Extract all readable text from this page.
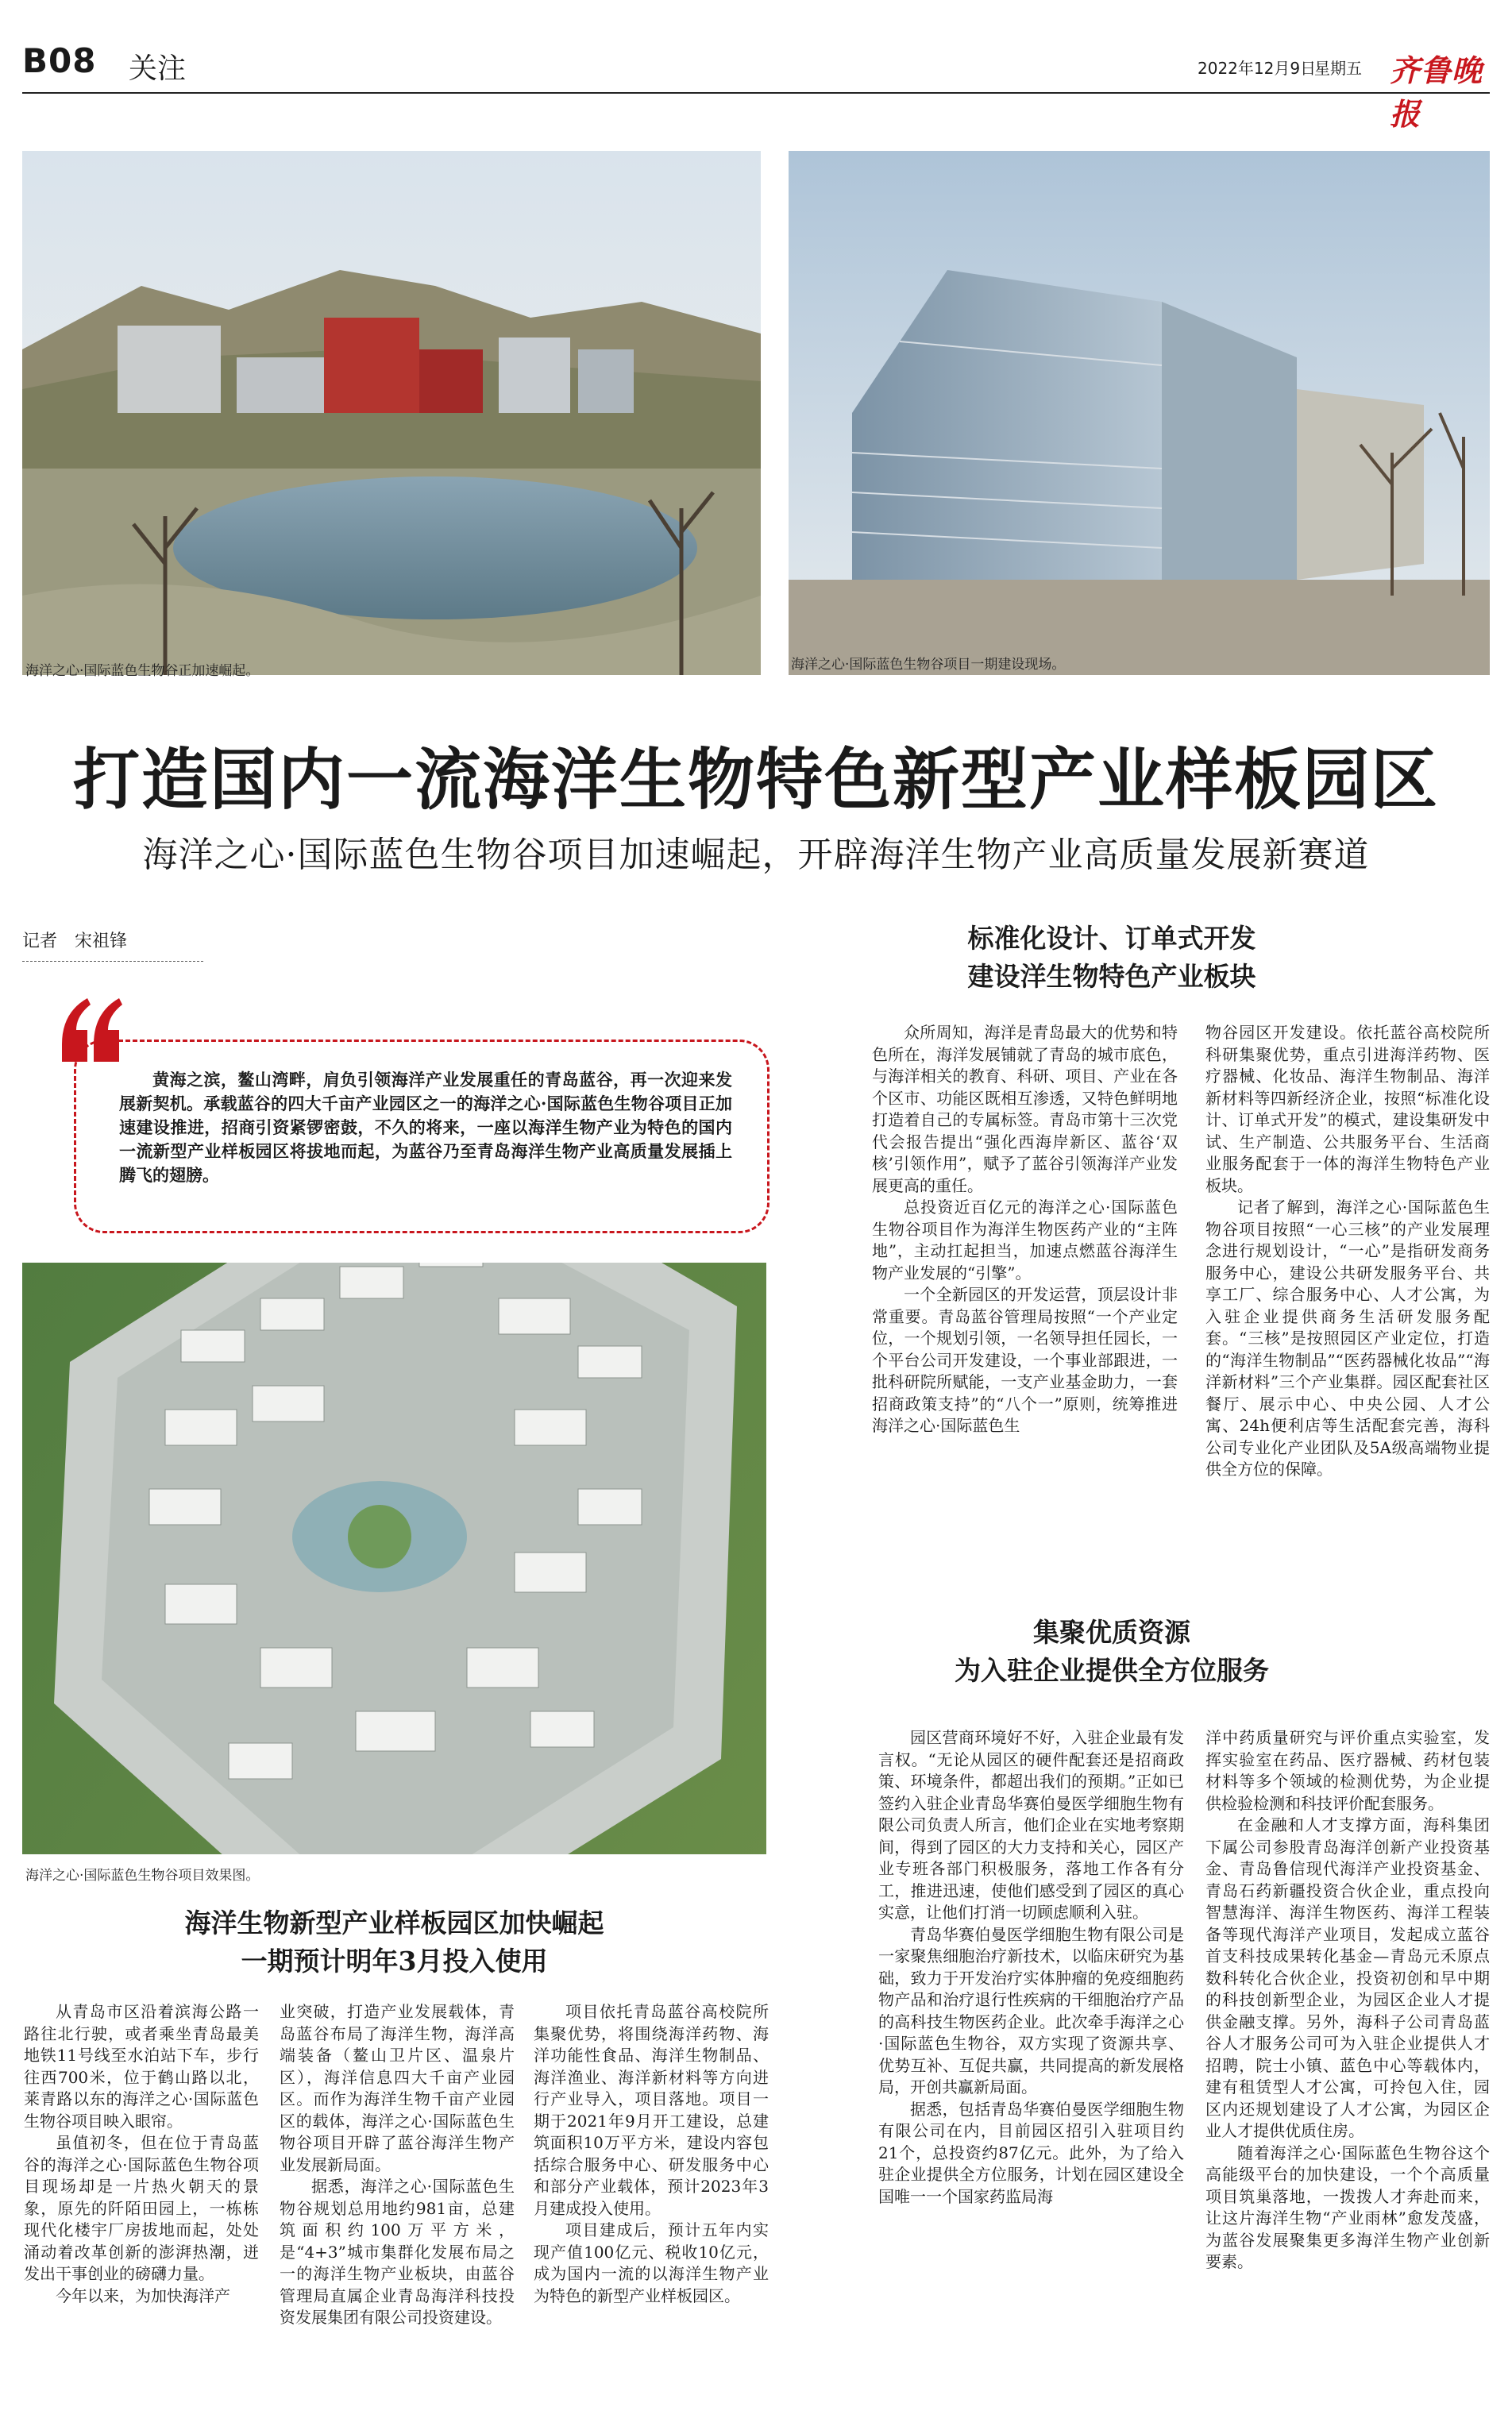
B08 关注	2022年12月9日
星期五 齐鲁晚报
海洋之心·国际蓝色生物谷正加速崛起。	海洋之心·国际蓝色生物谷项目一期建设现场。
打造国内一流海洋生物特色新型产业样板园区
海洋之心·国际蓝色生物谷项目加速崛起，开辟海洋生物产业高质量发展新赛道
记者　宋祖锋
黄海之滨，鳌山湾畔，肩负引领海洋产业发展重任的青岛蓝谷，再一次迎来发展新契机。承载蓝谷的四大千亩产业园区之一的海洋之心·国际蓝色生物谷项目正加速建设推进，招商引资紧锣密鼓，不久的将来，一座以海洋生物产业为特色的国内一流新型产业样板园区将拔地而起，为蓝谷乃至青岛海洋生物产业高质量发展插上腾飞的翅膀。
海洋之心·国际蓝色生物谷项目效果图。
标准化设计、订单式开发
建设洋生物特色产业板块

众所周知，海洋是青岛最大的优势和特色所在，海洋发展铺就了青岛的城市底色，与海洋相关的教育、科研、项目、产业在各个区市、功能区既相互渗透，又特色鲜明地打造着自己的专属标签。青岛市第十三次党代会报告提出“强化西海岸新区、蓝谷‘双核’引领作用”，赋予了蓝谷引领海洋产业发展更高的重任。

总投资近百亿元的海洋之心·国际蓝色生物谷项目作为海洋生物医药产业的“主阵地”，主动扛起担当，加速点燃蓝谷海洋生物产业发展的“引擎”。

一个全新园区的开发运营，顶层设计非常重要。青岛蓝谷管理局按照“一个产业定位，一个规划引领，一名领导担任园长，一个平台公司开发建设，一个事业部跟进，一批科研院所赋能，一支产业基金助力，一套招商政策支持”的“八个一”原则，统筹推进海洋之心·国际蓝色生

物谷园区开发建设。依托蓝谷高校院所科研集聚优势，重点引进海洋药物、医疗器械、化妆品、海洋生物制品、海洋新材料等四新经济企业，按照“标准化设计、订单式开发”的模式，建设集研发中试、生产制造、公共服务平台、生活商业服务配套于一体的海洋生物特色产业板块。

记者了解到，海洋之心·国际蓝色生物谷项目按照“一心三核”的产业发展理念进行规划设计，“一心”是指研发商务服务中心，建设公共研发服务平台、共享工厂、综合服务中心、人才公寓，为入驻企业提供商务生活研发服务配套。“三核”是按照园区产业定位，打造的“海洋生物制品”“医药器械化妆品”“海洋新材料”三个产业集群。园区配套社区餐厅、展示中心、中央公园、人才公寓、24h便利店等生活配套完善，海科公司专业化产业团队及5A级高端物业提供全方位的保障。

集聚优质资源
为入驻企业提供全方位服务

园区营商环境好不好，入驻企业最有发言权。“无论从园区的硬件配套还是招商政策、环境条件，都超出我们的预期。”正如已签约入驻企业青岛华赛伯曼医学细胞生物有限公司负责人所言，他们企业在实地考察期间，得到了园区的大力支持和关心，园区产业专班各部门积极服务，落地工作各有分工，推进迅速，使他们感受到了园区的真心实意，让他们打消一切顾虑顺利入驻。

青岛华赛伯曼医学细胞生物有限公司是一家聚焦细胞治疗新技术，以临床研究为基础，致力于开发治疗实体肿瘤的免疫细胞药物产品和治疗退行性疾病的干细胞治疗产品的高科技生物医药企业。此次牵手海洋之心·国际蓝色生物谷，双方实现了资源共享、优势互补、互促共赢，共同提高的新发展格局，开创共赢新局面。

据悉，包括青岛华赛伯曼医学细胞生物有限公司在内，目前园区招引入驻项目约21个，总投资约87亿元。此外，为了给入驻企业提供全方位服务，计划在园区建设全国唯一一个国家药监局海

洋中药质量研究与评价重点实验室，发挥实验室在药品、医疗器械、药材包装材料等多个领域的检测优势，为企业提供检验检测和科技评价配套服务。

在金融和人才支撑方面，海科集团下属公司参股青岛海洋创新产业投资基金、青岛鲁信现代海洋产业投资基金、青岛石药新疆投资合伙企业，重点投向智慧海洋、海洋生物医药、海洋工程装备等现代海洋产业项目，发起成立蓝谷首支科技成果转化基金—青岛元禾原点数科转化合伙企业，投资初创和早中期的科技创新型企业，为园区企业人才提供金融支撑。另外，海科子公司青岛蓝谷人才服务公司可为入驻企业提供人才招聘，院士小镇、蓝色中心等载体内，建有租赁型人才公寓，可拎包入住，园区内还规划建设了人才公寓，为园区企业人才提供优质住房。

随着海洋之心·国际蓝色生物谷这个高能级平台的加快建设，一个个高质量项目筑巢落地，一拨拨人才奔赴而来，让这片海洋生物“产业雨林”愈发茂盛，为蓝谷发展聚集更多海洋生物产业创新要素。

海洋生物新型产业样板园区加快崛起
一期预计明年3月投入使用

从青岛市区沿着滨海公路一路往北行驶，或者乘坐青岛最美地铁11号线至水泊站下车，步行往西700米，位于鹤山路以北，莱青路以东的海洋之心·国际蓝色生物谷项目映入眼帘。

虽值初冬，但在位于青岛蓝谷的海洋之心·国际蓝色生物谷项目现场却是一片热火朝天的景象，原先的阡陌田园上，一栋栋现代化楼宇厂房拔地而起，处处涌动着改革创新的澎湃热潮，迸发出干事创业的磅礴力量。

今年以来，为加快海洋产

业突破，打造产业发展载体，青岛蓝谷布局了海洋生物，海洋高端装备（鳌山卫片区、温泉片区），海洋信息四大千亩产业园区。而作为海洋生物千亩产业园区的载体，海洋之心·国际蓝色生物谷项目开辟了蓝谷海洋生物产业发展新局面。

据悉，海洋之心·国际蓝色生物谷规划总用地约981亩，总建筑面积约100万平方米，是“4+3”城市集群化发展布局之一的海洋生物产业板块，由蓝谷管理局直属企业青岛海洋科技投资发展集团有限公司投资建设。

项目依托青岛蓝谷高校院所集聚优势，将围绕海洋药物、海洋功能性食品、海洋生物制品、海洋渔业、海洋新材料等方向进行产业导入，项目落地。项目一期于2021年9月开工建设，总建筑面积10万平方米，建设内容包括综合服务中心、研发服务中心和部分产业载体，预计2023年3月建成投入使用。

项目建成后，预计五年内实现产值100亿元、税收10亿元，成为国内一流的以海洋生物产业为特色的新型产业样板园区。
